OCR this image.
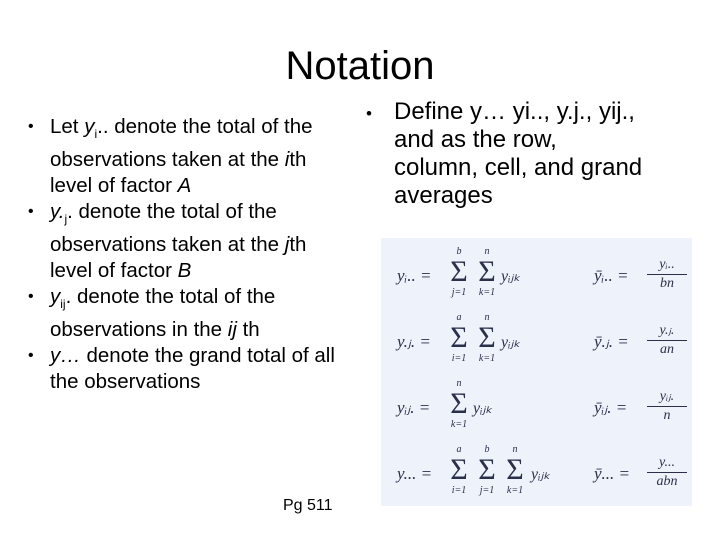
Notation
• Let $y_i$.. denote the total of the observations taken at the ith level of factor A
• $y._j$. denote the total of the observations taken at the jth level of factor B
• $y_{ij}$. denote the total of the observations in the ij th
• y… denote the grand total of all the observations
• Define y… yi.., y.j., yij.,
and as the row,
column, cell, and grand
averages
yᵢ.. =
b
Σ
j=1
n
Σ
k=1
yᵢⱼₖ	ȳᵢ.. = $\frac{\text{yᵢ..}}{bn}$
y.ⱼ. =
a
Σ
i=1
n
Σ
k=1
yᵢⱼₖ	ȳ.ⱼ. = $\frac{\text{y.ⱼ.}}{an}$
yᵢⱼ. =
n
Σ
k=1
yᵢⱼₖ	ȳᵢⱼ. =
yᵢⱼ.
n
y... =
a
Σ
i=1
b
Σ
j=1
n
Σ
k=1
yᵢⱼₖ	ȳ... =
y...
abn
Pg 511
